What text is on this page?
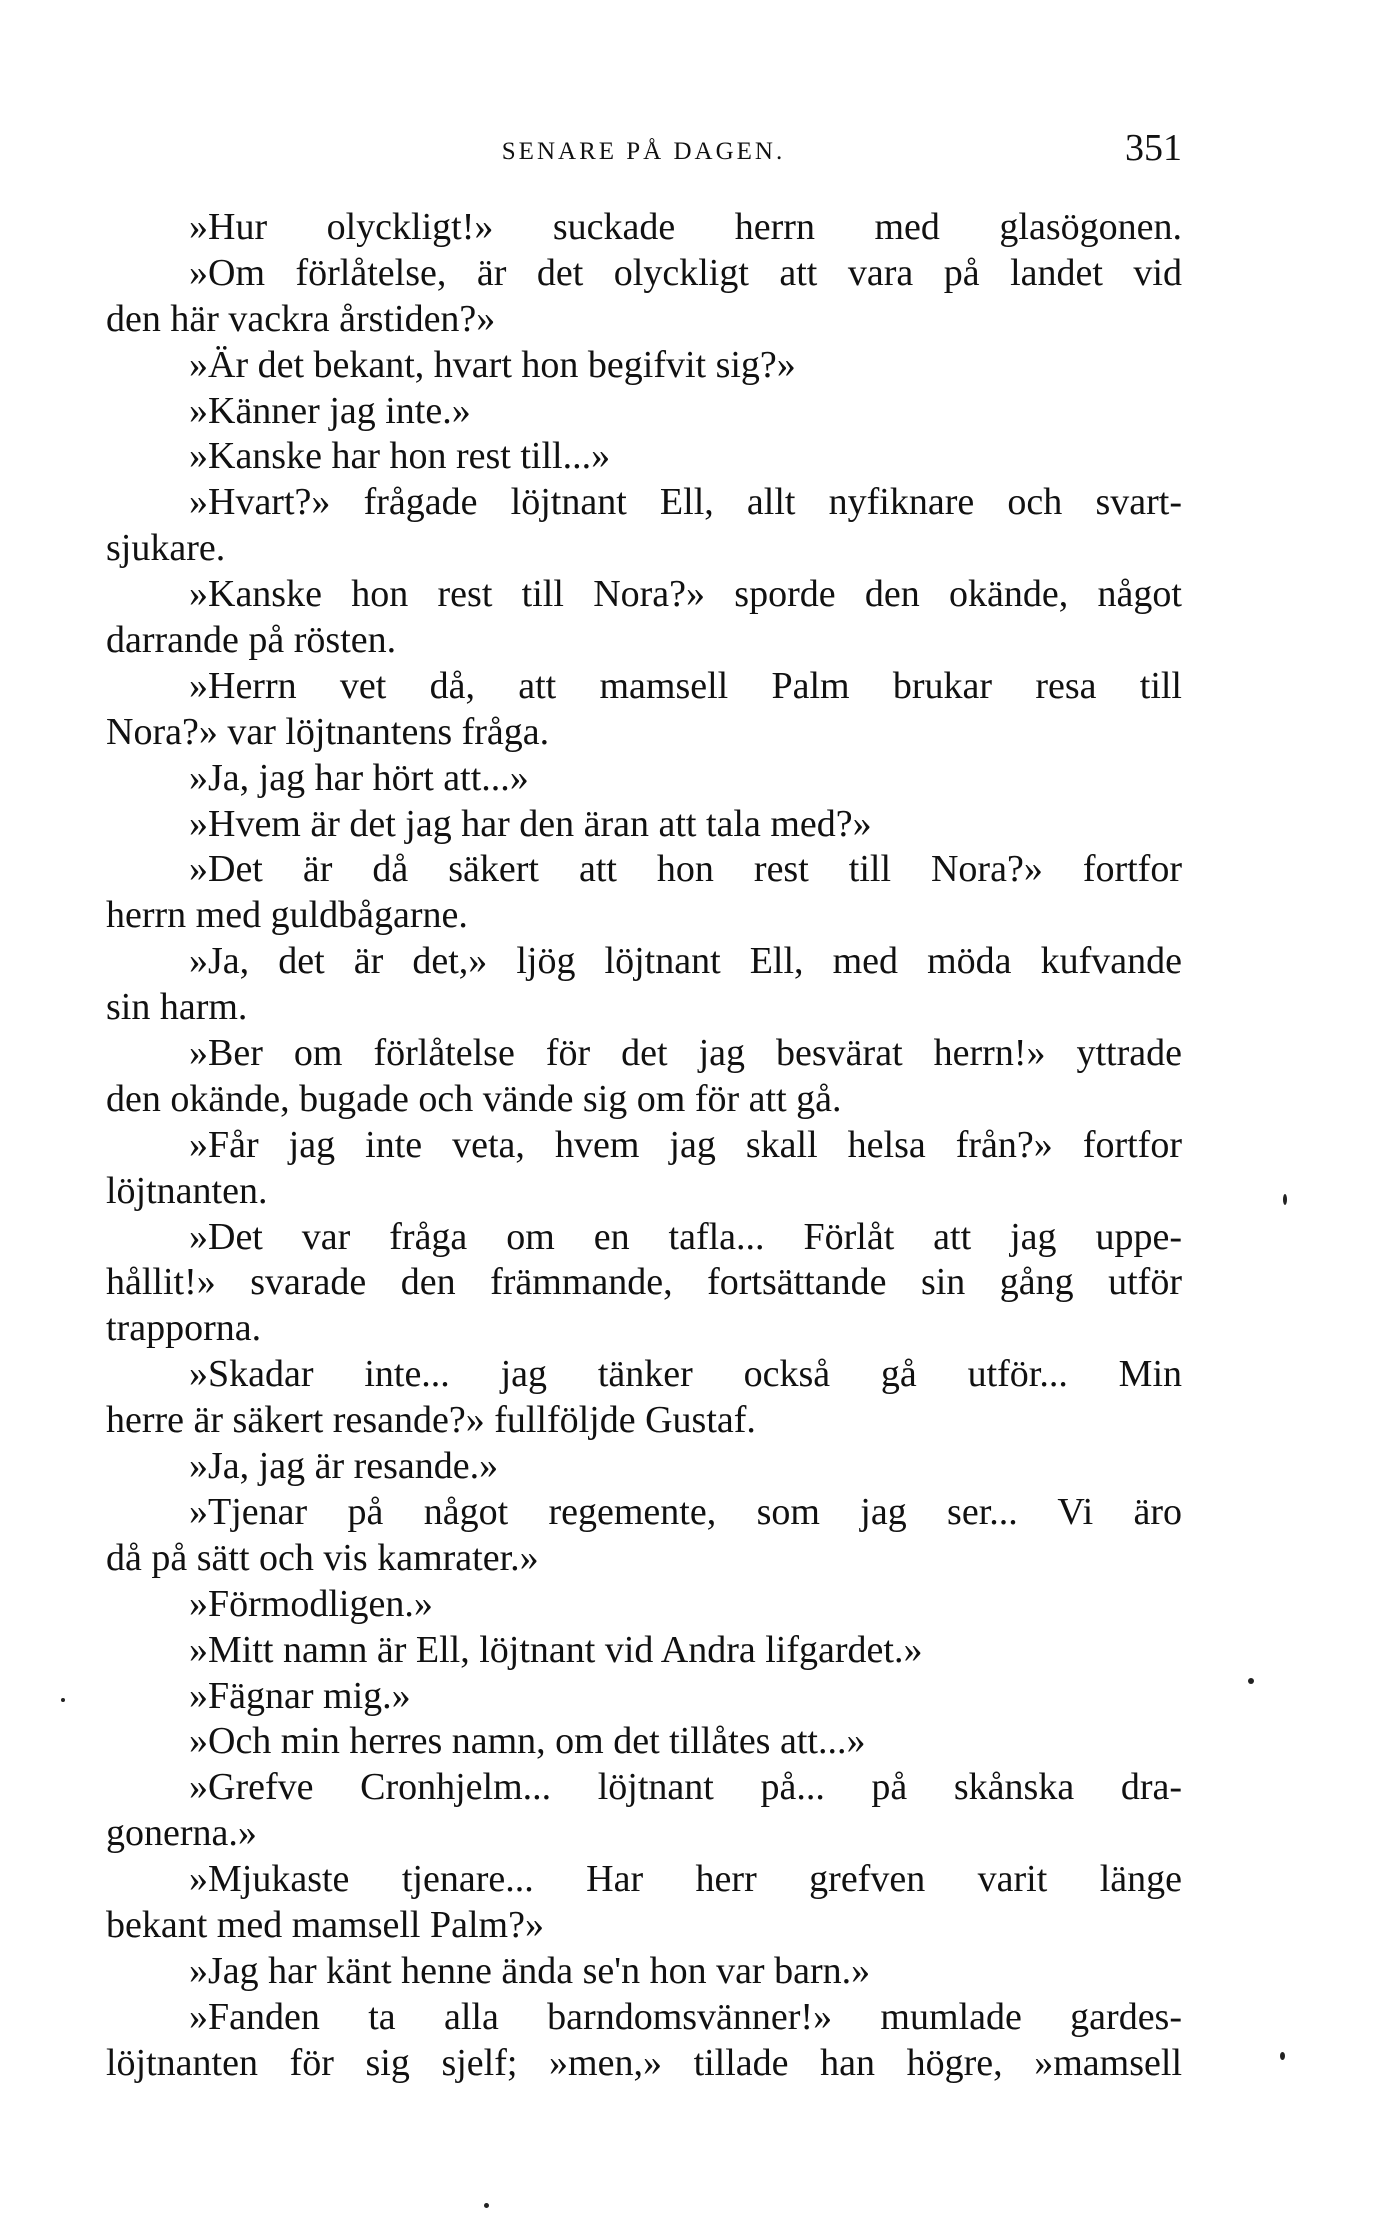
SENARE PÅ DAGEN.	351
»Hur olyckligt!» suckade herrn med glasögonen.
»Om förlåtelse, är det olyckligt att vara på landet vid
den här vackra årstiden?»
»Är det bekant, hvart hon begifvit sig?»
»Känner jag inte.»
»Kanske har hon rest till...»
»Hvart?» frågade löjtnant Ell, allt nyfiknare och svart-
sjukare.
»Kanske hon rest till Nora?» sporde den okände, något
darrande på rösten.
»Herrn vet då, att mamsell Palm brukar resa till
Nora?» var löjtnantens fråga.
»Ja, jag har hört att...»
»Hvem är det jag har den äran att tala med?»
»Det är då säkert att hon rest till Nora?» fortfor
herrn med guldbågarne.
»Ja, det är det,» ljög löjtnant Ell, med möda kufvande
sin harm.
»Ber om förlåtelse för det jag besvärat herrn!» yttrade
den okände, bugade och vände sig om för att gå.
»Får jag inte veta, hvem jag skall helsa från?» fortfor
löjtnanten.
»Det var fråga om en tafla... Förlåt att jag uppe-
hållit!» svarade den främmande, fortsättande sin gång utför
trapporna.
»Skadar inte... jag tänker också gå utför... Min
herre är säkert resande?» fullföljde Gustaf.
»Ja, jag är resande.»
»Tjenar på något regemente, som jag ser... Vi äro
då på sätt och vis kamrater.»
»Förmodligen.»
»Mitt namn är Ell, löjtnant vid Andra lifgardet.»
»Fägnar mig.»
»Och min herres namn, om det tillåtes att...»
»Grefve Cronhjelm... löjtnant på... på skånska dra-
gonerna.»
»Mjukaste tjenare... Har herr grefven varit länge
bekant med mamsell Palm?»
»Jag har känt henne ända se'n hon var barn.»
»Fanden ta alla barndomsvänner!» mumlade gardes-
löjtnanten för sig sjelf; »men,» tillade han högre, »mamsell
